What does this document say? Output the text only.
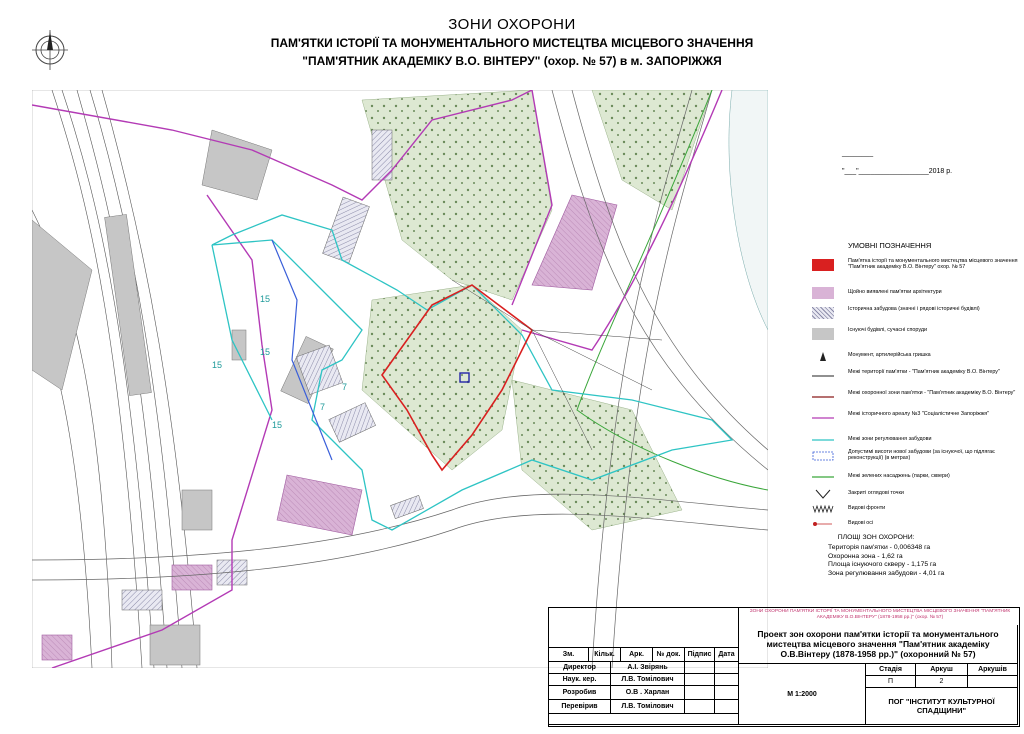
ЗОНИ ОХОРОНИ
ПАМ'ЯТКИ ІСТОРІЇ ТА МОНУМЕНТАЛЬНОГО МИСТЕЦТВА МІСЦЕВОГО ЗНАЧЕННЯ
"ПАМ'ЯТНИК АКАДЕМІКУ В.О. ВІНТЕРУ" (охор. № 57) в м. ЗАПОРІЖЖЯ
15
15
15
7
7
15
________
"___"__________________2018 р.
УМОВНІ ПОЗНАЧЕННЯ
Пам'ятка історії та монументального мистецтва місцевого значення "Пам'ятник академіку В.О. Вінтеру" охор. № 57
Щойно виявлені пам'ятки архітектури
Історична забудова (значні і рядові історичні будівлі)
Існуючі будівлі, сучасні споруди
Монумент, артилерійська гришка
Межі території пам'ятки - "Пам'ятник академіку В.О. Вінтеру"
Межі охоронної зони пам'ятки - "Пам'ятник академіку В.О. Вінтеру"
Межі історичного ареалу №3 "Соціалістичне Запоріжжя"
Межі зони регулювання забудови
Допустимі висоти нової забудови (за існуючої, що підлягає реконструкції) (в метрах)
Межі зелених насаджень (парки, сквери)
Закриті оглядові точки
Видові фронти
Видові осі
ПЛОЩІ ЗОН ОХОРОНИ:
Територія пам'ятки - 0,006348 га
Охоронна зона - 1,62 га
Площа існуючого скверу - 1,175 га
Зона регулювання забудови - 4,01 га
ЗОНИ ОХОРОНИ ПАМ'ЯТКИ ІСТОРІЇ ТА МОНУМЕНТАЛЬНОГО МИСТЕЦТВА МІСЦЕВОГО ЗНАЧЕННЯ "ПАМ'ЯТНИК АКАДЕМІКУ В.О.ВІНТЕРУ" (1878-1958 рр.)" (охор. № 57)
Проект зон охорони пам'ятки історії та монументального мистецтва місцевого значення "Пам'ятник академіку О.В.Вінтеру (1878-1958 рр.)" (охоронний № 57)
Зм.	Кільк.	Арк.	№ док.	Підпис Дата
Директор	А.І. Звірянь
Наук. кер.	Л.В. Томілович
Розробив	О.В . Харлан
Перевірив	Л.В. Томілович
М 1:2000
Стадія	Аркуш	Аркушів
П	2
ПОГ "ІНСТИТУТ КУЛЬТУРНОЇ СПАДЩИНИ"
